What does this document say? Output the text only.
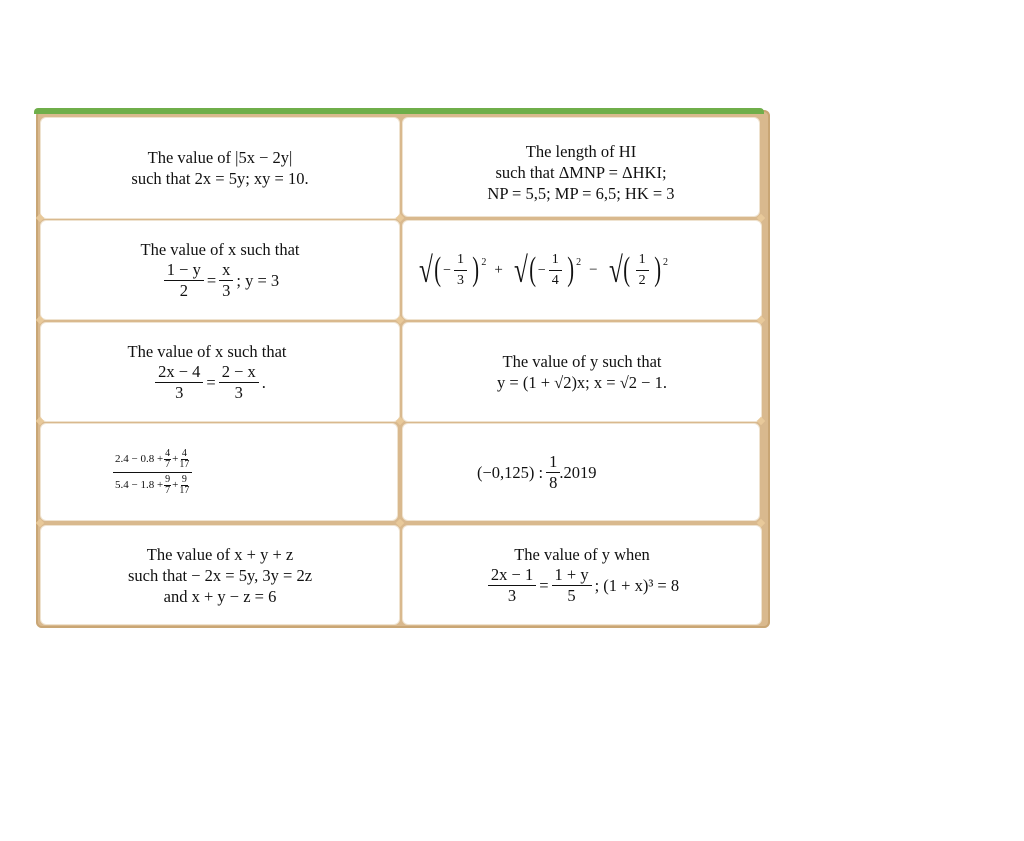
The value of |5x − 2y|
such that 2x = 5y; xy = 10.
The length of HI
such that ΔMNP = ΔHKI;
NP = 5,5; MP = 6,5; HK = 3
The value of x such that
$\frac{1 - y}{2} = \frac{x}{3}$ ; y = 3	√ ( − $\frac{1}{3}$ ) 2 + √ ( − $\frac{1}{4}$ ) 2 − √ ( $\frac{1}{2}$ ) 2
The value of x such that
$\frac{2x - 4}{3} = \frac{2 - x}{3}$ .
The value of y such that
y = (1 + √2)x; x = √2 − 1.
$2.4 - 0.8 + \frac{4}{7} + \frac{4}{17}$
$5.4 - 1.8 + \frac{9}{7} + \frac{9}{17}$
(−0,125) : $\frac{1}{8} .2019$
The value of x + y + z
such that − 2x = 5y, 3y = 2z
and x + y − z = 6
The value of y when
$\frac{2x - 1}{3} = \frac{1 + y}{5}$ ; (1 + x)³ = 8
